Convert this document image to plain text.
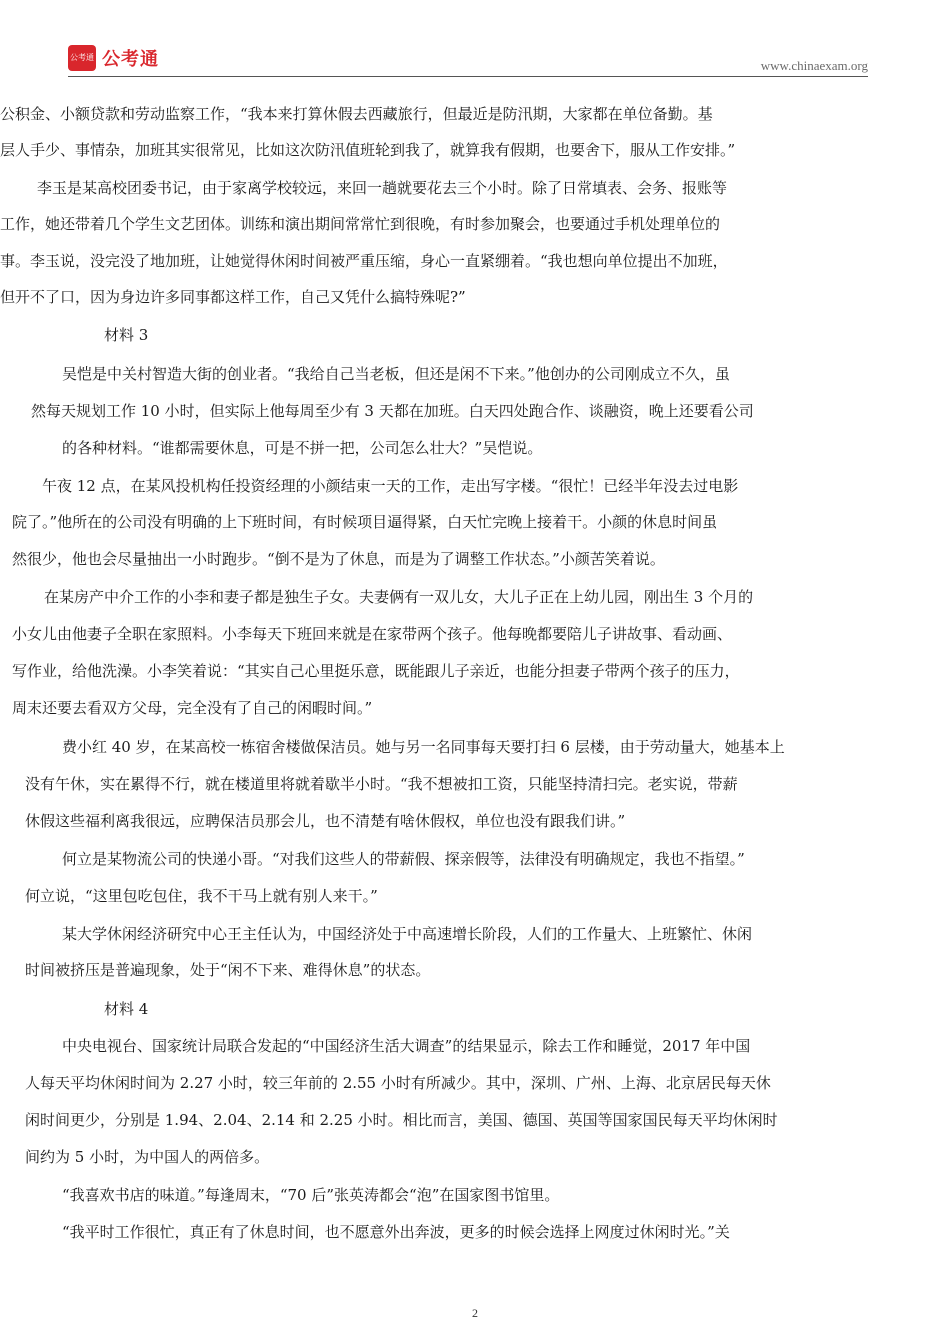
公考通 公考通	www.chinaexam.org
公积金、小额贷款和劳动监察工作，“我本来打算休假去西藏旅行，但最近是防汛期，大家都在单位备勤。基
层人手少、事情杂，加班其实很常见，比如这次防汛值班轮到我了，就算我有假期，也要舍下，服从工作安排。”
李玉是某高校团委书记，由于家离学校较远，来回一趟就要花去三个小时。除了日常填表、会务、报账等
工作，她还带着几个学生文艺团体。训练和演出期间常常忙到很晚，有时参加聚会，也要通过手机处理单位的
事。李玉说，没完没了地加班，让她觉得休闲时间被严重压缩，身心一直紧绷着。“我也想向单位提出不加班，
但开不了口，因为身边许多同事都这样工作，自己又凭什么搞特殊呢?”
材料 3
吴恺是中关村智造大街的创业者。“我给自己当老板，但还是闲不下来。”他创办的公司刚成立不久，虽
然每天规划工作 10 小时，但实际上他每周至少有 3 天都在加班。白天四处跑合作、谈融资，晚上还要看公司
的各种材料。“谁都需要休息，可是不拼一把，公司怎么壮大？”吴恺说。
午夜 12 点，在某风投机构任投资经理的小颜结束一天的工作，走出写字楼。“很忙！已经半年没去过电影
院了。”他所在的公司没有明确的上下班时间，有时候项目逼得紧，白天忙完晚上接着干。小颜的休息时间虽
然很少，他也会尽量抽出一小时跑步。“倒不是为了休息，而是为了调整工作状态。”小颜苦笑着说。
在某房产中介工作的小李和妻子都是独生子女。夫妻俩有一双儿女，大儿子正在上幼儿园，刚出生 3 个月的
小女儿由他妻子全职在家照料。小李每天下班回来就是在家带两个孩子。他每晚都要陪儿子讲故事、看动画、
写作业，给他洗澡。小李笑着说：“其实自己心里挺乐意，既能跟儿子亲近，也能分担妻子带两个孩子的压力，
周末还要去看双方父母，完全没有了自己的闲暇时间。”
费小红 40 岁，在某高校一栋宿舍楼做保洁员。她与另一名同事每天要打扫 6 层楼，由于劳动量大，她基本上
没有午休，实在累得不行，就在楼道里将就着歇半小时。“我不想被扣工资，只能坚持清扫完。老实说，带薪
休假这些福利离我很远，应聘保洁员那会儿，也不清楚有啥休假权，单位也没有跟我们讲。”
何立是某物流公司的快递小哥。“对我们这些人的带薪假、探亲假等，法律没有明确规定，我也不指望。”
何立说，“这里包吃包住，我不干马上就有别人来干。”
某大学休闲经济研究中心王主任认为，中国经济处于中高速增长阶段，人们的工作量大、上班繁忙、休闲
时间被挤压是普遍现象，处于“闲不下来、难得休息”的状态。
材料 4
中央电视台、国家统计局联合发起的“中国经济生活大调查”的结果显示，除去工作和睡觉，2017 年中国
人每天平均休闲时间为 2.27 小时，较三年前的 2.55 小时有所减少。其中，深圳、广州、上海、北京居民每天休
闲时间更少，分别是 1.94、2.04、2.14 和 2.25 小时。相比而言，美国、德国、英国等国家国民每天平均休闲时
间约为 5 小时，为中国人的两倍多。
“我喜欢书店的味道。”每逢周末，“70 后”张英涛都会“泡”在国家图书馆里。
“我平时工作很忙，真正有了休息时间，也不愿意外出奔波，更多的时候会选择上网度过休闲时光。”关
2
